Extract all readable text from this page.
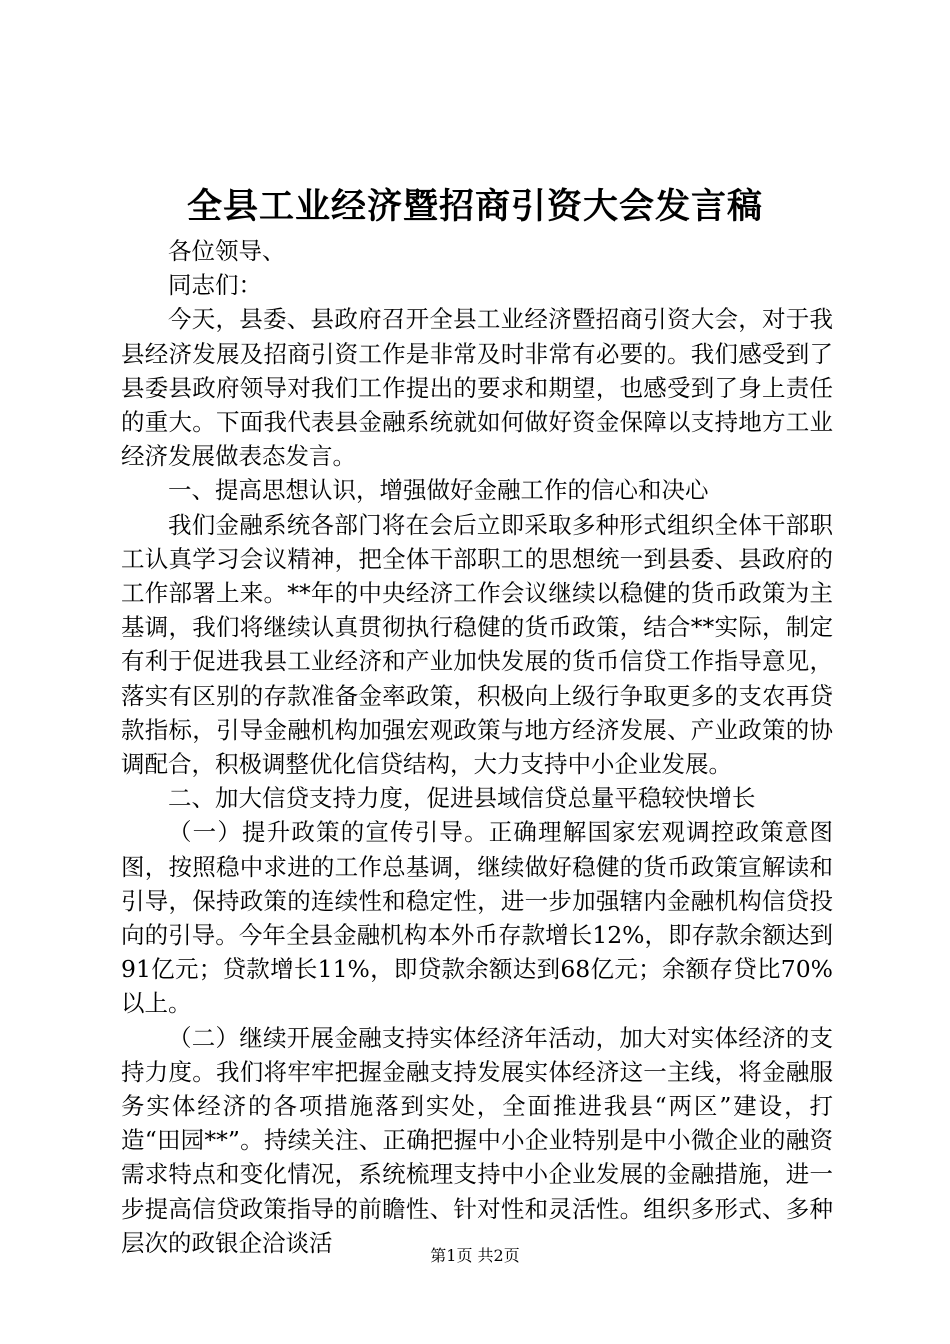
全县工业经济暨招商引资大会发言稿

各位领导、

同志们：

今天，县委、县政府召开全县工业经济暨招商引资大会，对于我县经济发展及招商引资工作是非常及时非常有必要的。我们感受到了县委县政府领导对我们工作提出的要求和期望，也感受到了身上责任的重大。下面我代表县金融系统就如何做好资金保障以支持地方工业经济发展做表态发言。

一、提高思想认识，增强做好金融工作的信心和决心

我们金融系统各部门将在会后立即采取多种形式组织全体干部职工认真学习会议精神，把全体干部职工的思想统一到县委、县政府的工作部署上来。**年的中央经济工作会议继续以稳健的货币政策为主基调，我们将继续认真贯彻执行稳健的货币政策，结合**实际，制定有利于促进我县工业经济和产业加快发展的货币信贷工作指导意见，落实有区别的存款准备金率政策，积极向上级行争取更多的支农再贷款指标，引导金融机构加强宏观政策与地方经济发展、产业政策的协调配合，积极调整优化信贷结构，大力支持中小企业发展。

二、加大信贷支持力度，促进县域信贷总量平稳较快增长

（一）提升政策的宣传引导。正确理解国家宏观调控政策意图图，按照稳中求进的工作总基调，继续做好稳健的货币政策宣解读和引导，保持政策的连续性和稳定性，进一步加强辖内金融机构信贷投向的引导。今年全县金融机构本外币存款增长12%，即存款余额达到91亿元；贷款增长11%，即贷款余额达到68亿元；余额存贷比70%以上。

（二）继续开展金融支持实体经济年活动，加大对实体经济的支持力度。我们将牢牢把握金融支持发展实体经济这一主线，将金融服务实体经济的各项措施落到实处，全面推进我县“两区”建设，打造“田园**”。持续关注、正确把握中小企业特别是中小微企业的融资需求特点和变化情况，系统梳理支持中小企业发展的金融措施，进一步提高信贷政策指导的前瞻性、针对性和灵活性。组织多形式、多种层次的政银企洽谈活	第1页 共2页
